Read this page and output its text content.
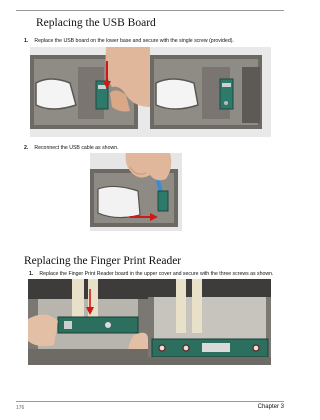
Replacing the USB Board
1. Replace the USB board on the lower base and secure with the single screw (provided).
2. Reconnect the USB cable as shown.
Replacing the Finger Print Reader
1. Replace the Finger Print Reader board in the upper cover and secure with the three screws as shown.
176	Chapter 3
